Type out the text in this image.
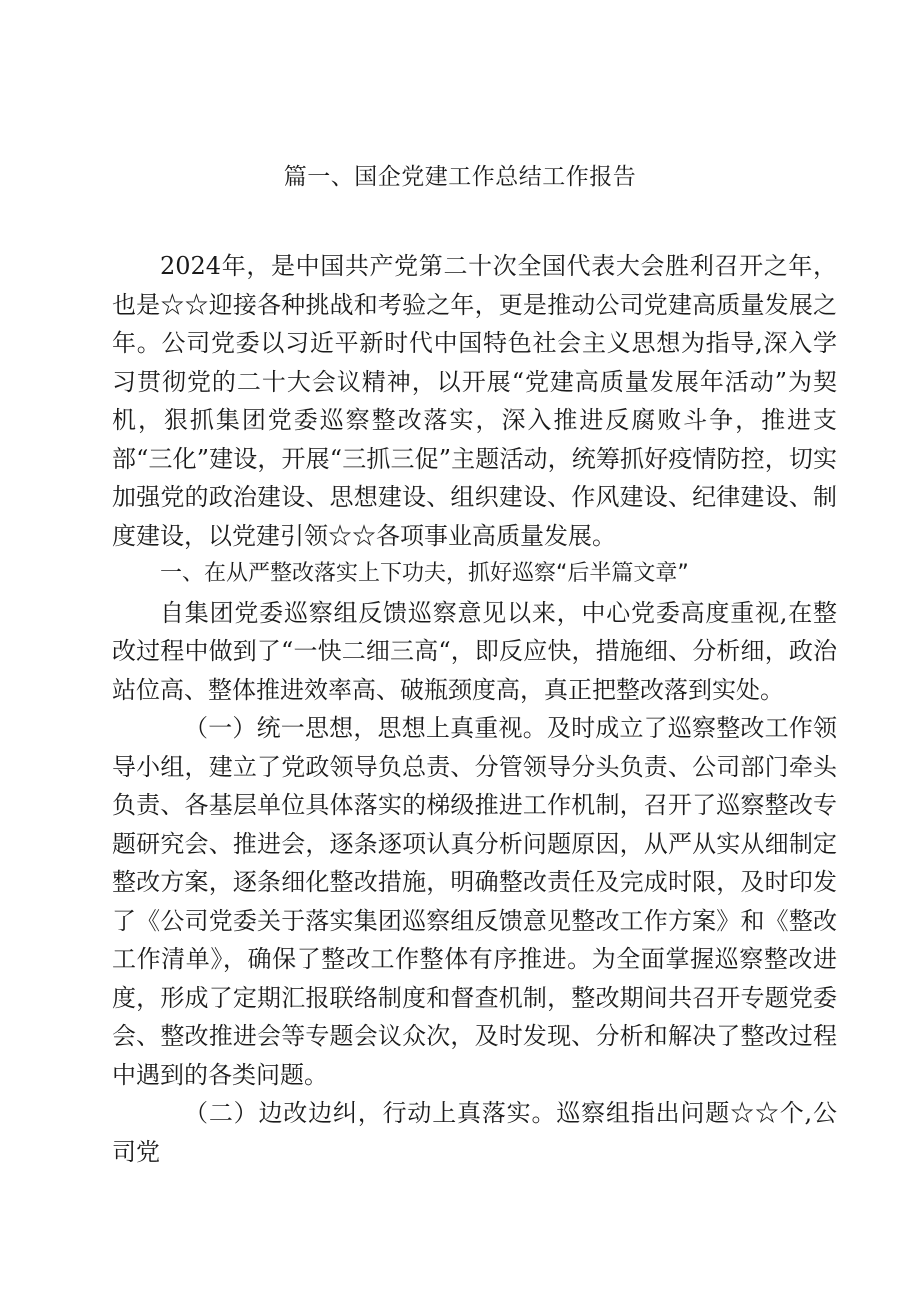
篇一、国企党建工作总结工作报告

2024年，是中国共产党第二十次全国代表大会胜利召开之年，也是☆☆迎接各种挑战和考验之年，更是推动公司党建高质量发展之年。公司党委以习近平新时代中国特色社会主义思想为指导,深入学习贯彻党的二十大会议精神，以开展“党建高质量发展年活动”为契机，狠抓集团党委巡察整改落实，深入推进反腐败斗争，推进支部“三化”建设，开展“三抓三促”主题活动，统筹抓好疫情防控，切实加强党的政治建设、思想建设、组织建设、作风建设、纪律建设、制度建设，以党建引领☆☆各项事业高质量发展。

一、在从严整改落实上下功夫，抓好巡察“后半篇文章”

自集团党委巡察组反馈巡察意见以来，中心党委高度重视,在整改过程中做到了“一快二细三高“，即反应快，措施细、分析细，政治站位高、整体推进效率高、破瓶颈度高，真正把整改落到实处。

（一）统一思想，思想上真重视。及时成立了巡察整改工作领导小组，建立了党政领导负总责、分管领导分头负责、公司部门牵头负责、各基层单位具体落实的梯级推进工作机制，召开了巡察整改专题研究会、推进会，逐条逐项认真分析问题原因，从严从实从细制定整改方案，逐条细化整改措施，明确整改责任及完成时限，及时印发了《公司党委关于落实集团巡察组反馈意见整改工作方案》和《整改工作清单》，确保了整改工作整体有序推进。为全面掌握巡察整改进度，形成了定期汇报联络制度和督查机制，整改期间共召开专题党委会、整改推进会等专题会议众次，及时发现、分析和解决了整改过程中遇到的各类问题。

（二）边改边纠，行动上真落实。巡察组指出问题☆☆个,公司党
